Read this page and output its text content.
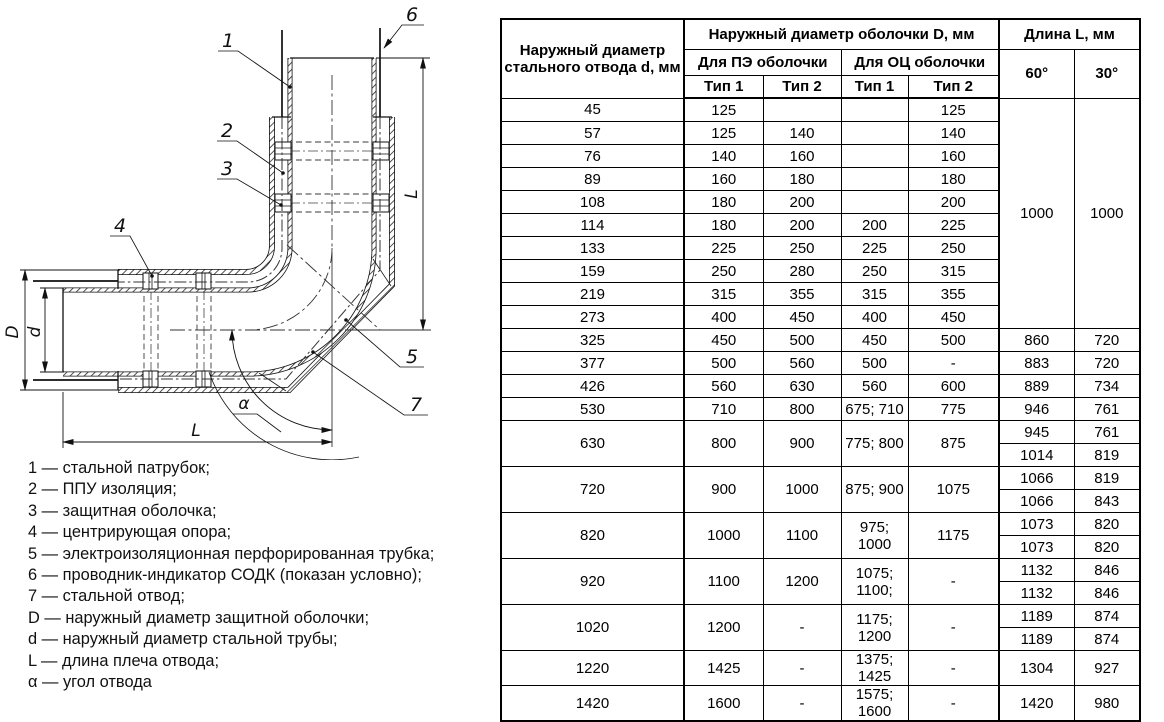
D d
L
L
α
1
2
3
4
5
6
7
1 — стальной патрубок;
2 — ППУ изоляция;
3 — защитная оболочка;
4 — центрирующая опора;
5 — электроизоляционная перфорированная трубка;
6 — проводник-индикатор СОДК (показан условно);
7 — стальной отвод;
D — наружный диаметр защитной оболочки;
d — наружный диаметр стальной трубы;
L — длина плеча отвода;
α — угол отвода
Наружный диаметр стального отвода d, мм	Наружный диаметр оболочки D, мм				Длина L, мм	
	Для ПЭ оболочки		Для ОЦ оболочки		60°	30°
	Тип 1	Тип 2	Тип 1	Тип 2		
45	125			125	1000	1000
57	125	140		140		
76	140	160		160		
89	160	180		180		
108	180	200		200		
114	180	200	200	225		
133	225	250	225	250		
159	250	280	250	315		
219	315	355	315	355		
273	400	450	400	450		
325	450	500	450	500	860	720
377	500	560	500	-	883	720
426	560	630	560	600	889	734
530	710	800	675; 710	775	946	761
630	800	900	775; 800	875	945	761
					1014	819
720	900	1000	875; 900	1075	1066	819
					1066	843
820	1000	1100	975; 1000	1175	1073	820
					1073	820
920	1100	1200	1075; 1100;	-	1132	846
					1132	846
1020	1200	-	1175; 1200	-	1189	874
					1189	874
1220	1425	-	1375; 1425	-	1304	927
1420	1600	-	1575; 1600	-	1420	980
